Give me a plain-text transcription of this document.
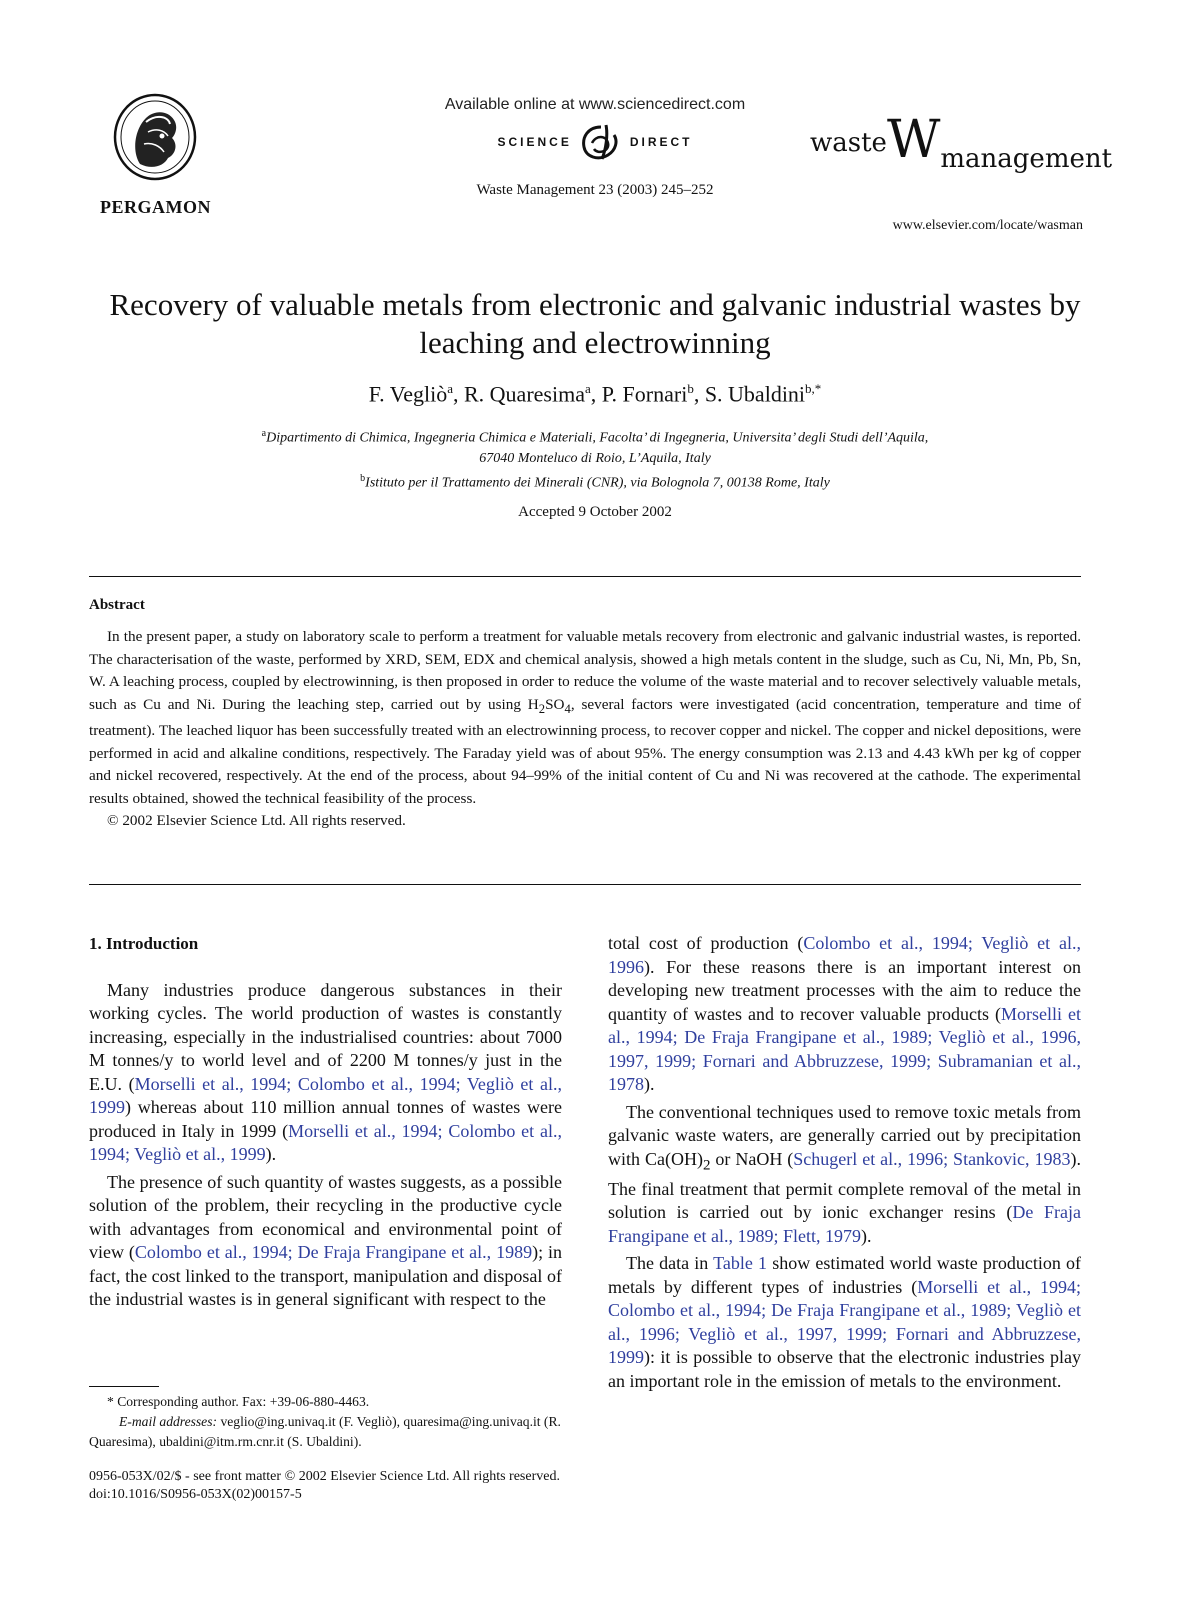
PERGAMON
Available online at www.sciencedirect.com
SCIENCE	DIRECT
Waste Management 23 (2003) 245–252
waste W management
www.elsevier.com/locate/wasman
Recovery of valuable metals from electronic and galvanic industrial wastes by leaching and electrowinning
F. Vegliò$^a$, R. Quaresima$^a$, P. Fornari$^b$, S. Ubaldini$^{b,*}$
$^a$Dipartimento di Chimica, Ingegneria Chimica e Materiali, Facolta’ di Ingegneria, Universita’ degli Studi dell’Aquila,
67040 Monteluco di Roio, L’Aquila, Italy
$^b$Istituto per il Trattamento dei Minerali (CNR), via Bolognola 7, 00138 Rome, Italy
Accepted 9 October 2002
Abstract

In the present paper, a study on laboratory scale to perform a treatment for valuable metals recovery from electronic and galvanic industrial wastes, is reported. The characterisation of the waste, performed by XRD, SEM, EDX and chemical analysis, showed a high metals content in the sludge, such as Cu, Ni, Mn, Pb, Sn, W. A leaching process, coupled by electrowinning, is then proposed in order to reduce the volume of the waste material and to recover selectively valuable metals, such as Cu and Ni. During the leaching step, carried out by using $H_2SO_4$, several factors were investigated (acid concentration, temperature and time of treatment). The leached liquor has been successfully treated with an electrowinning process, to recover copper and nickel. The copper and nickel depositions, were performed in acid and alkaline conditions, respectively. The Faraday yield was of about 95%. The energy consumption was 2.13 and 4.43 kWh per kg of copper and nickel recovered, respectively. At the end of the process, about 94–99% of the initial content of Cu and Ni was recovered at the cathode. The experimental results obtained, showed the technical feasibility of the process.

© 2002 Elsevier Science Ltd. All rights reserved.

1. Introduction

Many industries produce dangerous substances in their working cycles. The world production of wastes is constantly increasing, especially in the industrialised countries: about 7000 M tonnes/y to world level and of 2200 M tonnes/y just in the E.U. (Morselli et al., 1994; Colombo et al., 1994; Vegliò et al., 1999) whereas about 110 million annual tonnes of wastes were produced in Italy in 1999 (Morselli et al., 1994; Colombo et al., 1994; Vegliò et al., 1999).

The presence of such quantity of wastes suggests, as a possible solution of the problem, their recycling in the productive cycle with advantages from economical and environmental point of view (Colombo et al., 1994; De Fraja Frangipane et al., 1989); in fact, the cost linked to the transport, manipulation and disposal of the industrial wastes is in general significant with respect to the

total cost of production (Colombo et al., 1994; Vegliò et al., 1996). For these reasons there is an important interest on developing new treatment processes with the aim to reduce the quantity of wastes and to recover valuable products (Morselli et al., 1994; De Fraja Frangipane et al., 1989; Vegliò et al., 1996, 1997, 1999; Fornari and Abbruzzese, 1999; Subramanian et al., 1978).

The conventional techniques used to remove toxic metals from galvanic waste waters, are generally carried out by precipitation with $Ca(OH)_2$ or NaOH (Schugerl et al., 1996; Stankovic, 1983). The final treatment that permit complete removal of the metal in solution is carried out by ionic exchanger resins (De Fraja Frangipane et al., 1989; Flett, 1979).

The data in Table 1 show estimated world waste production of metals by different types of industries (Morselli et al., 1994; Colombo et al., 1994; De Fraja Frangipane et al., 1989; Vegliò et al., 1996; Vegliò et al., 1997, 1999; Fornari and Abbruzzese, 1999): it is possible to observe that the electronic industries play an important role in the emission of metals to the environment.

* Corresponding author. Fax: +39-06-880-4463.

E-mail addresses: veglio@ing.univaq.it (F. Vegliò), quaresima@ing.univaq.it (R. Quaresima), ubaldini@itm.rm.cnr.it (S. Ubaldini).

0956-053X/02/$ - see front matter © 2002 Elsevier Science Ltd. All rights reserved.

doi:10.1016/S0956-053X(02)00157-5
